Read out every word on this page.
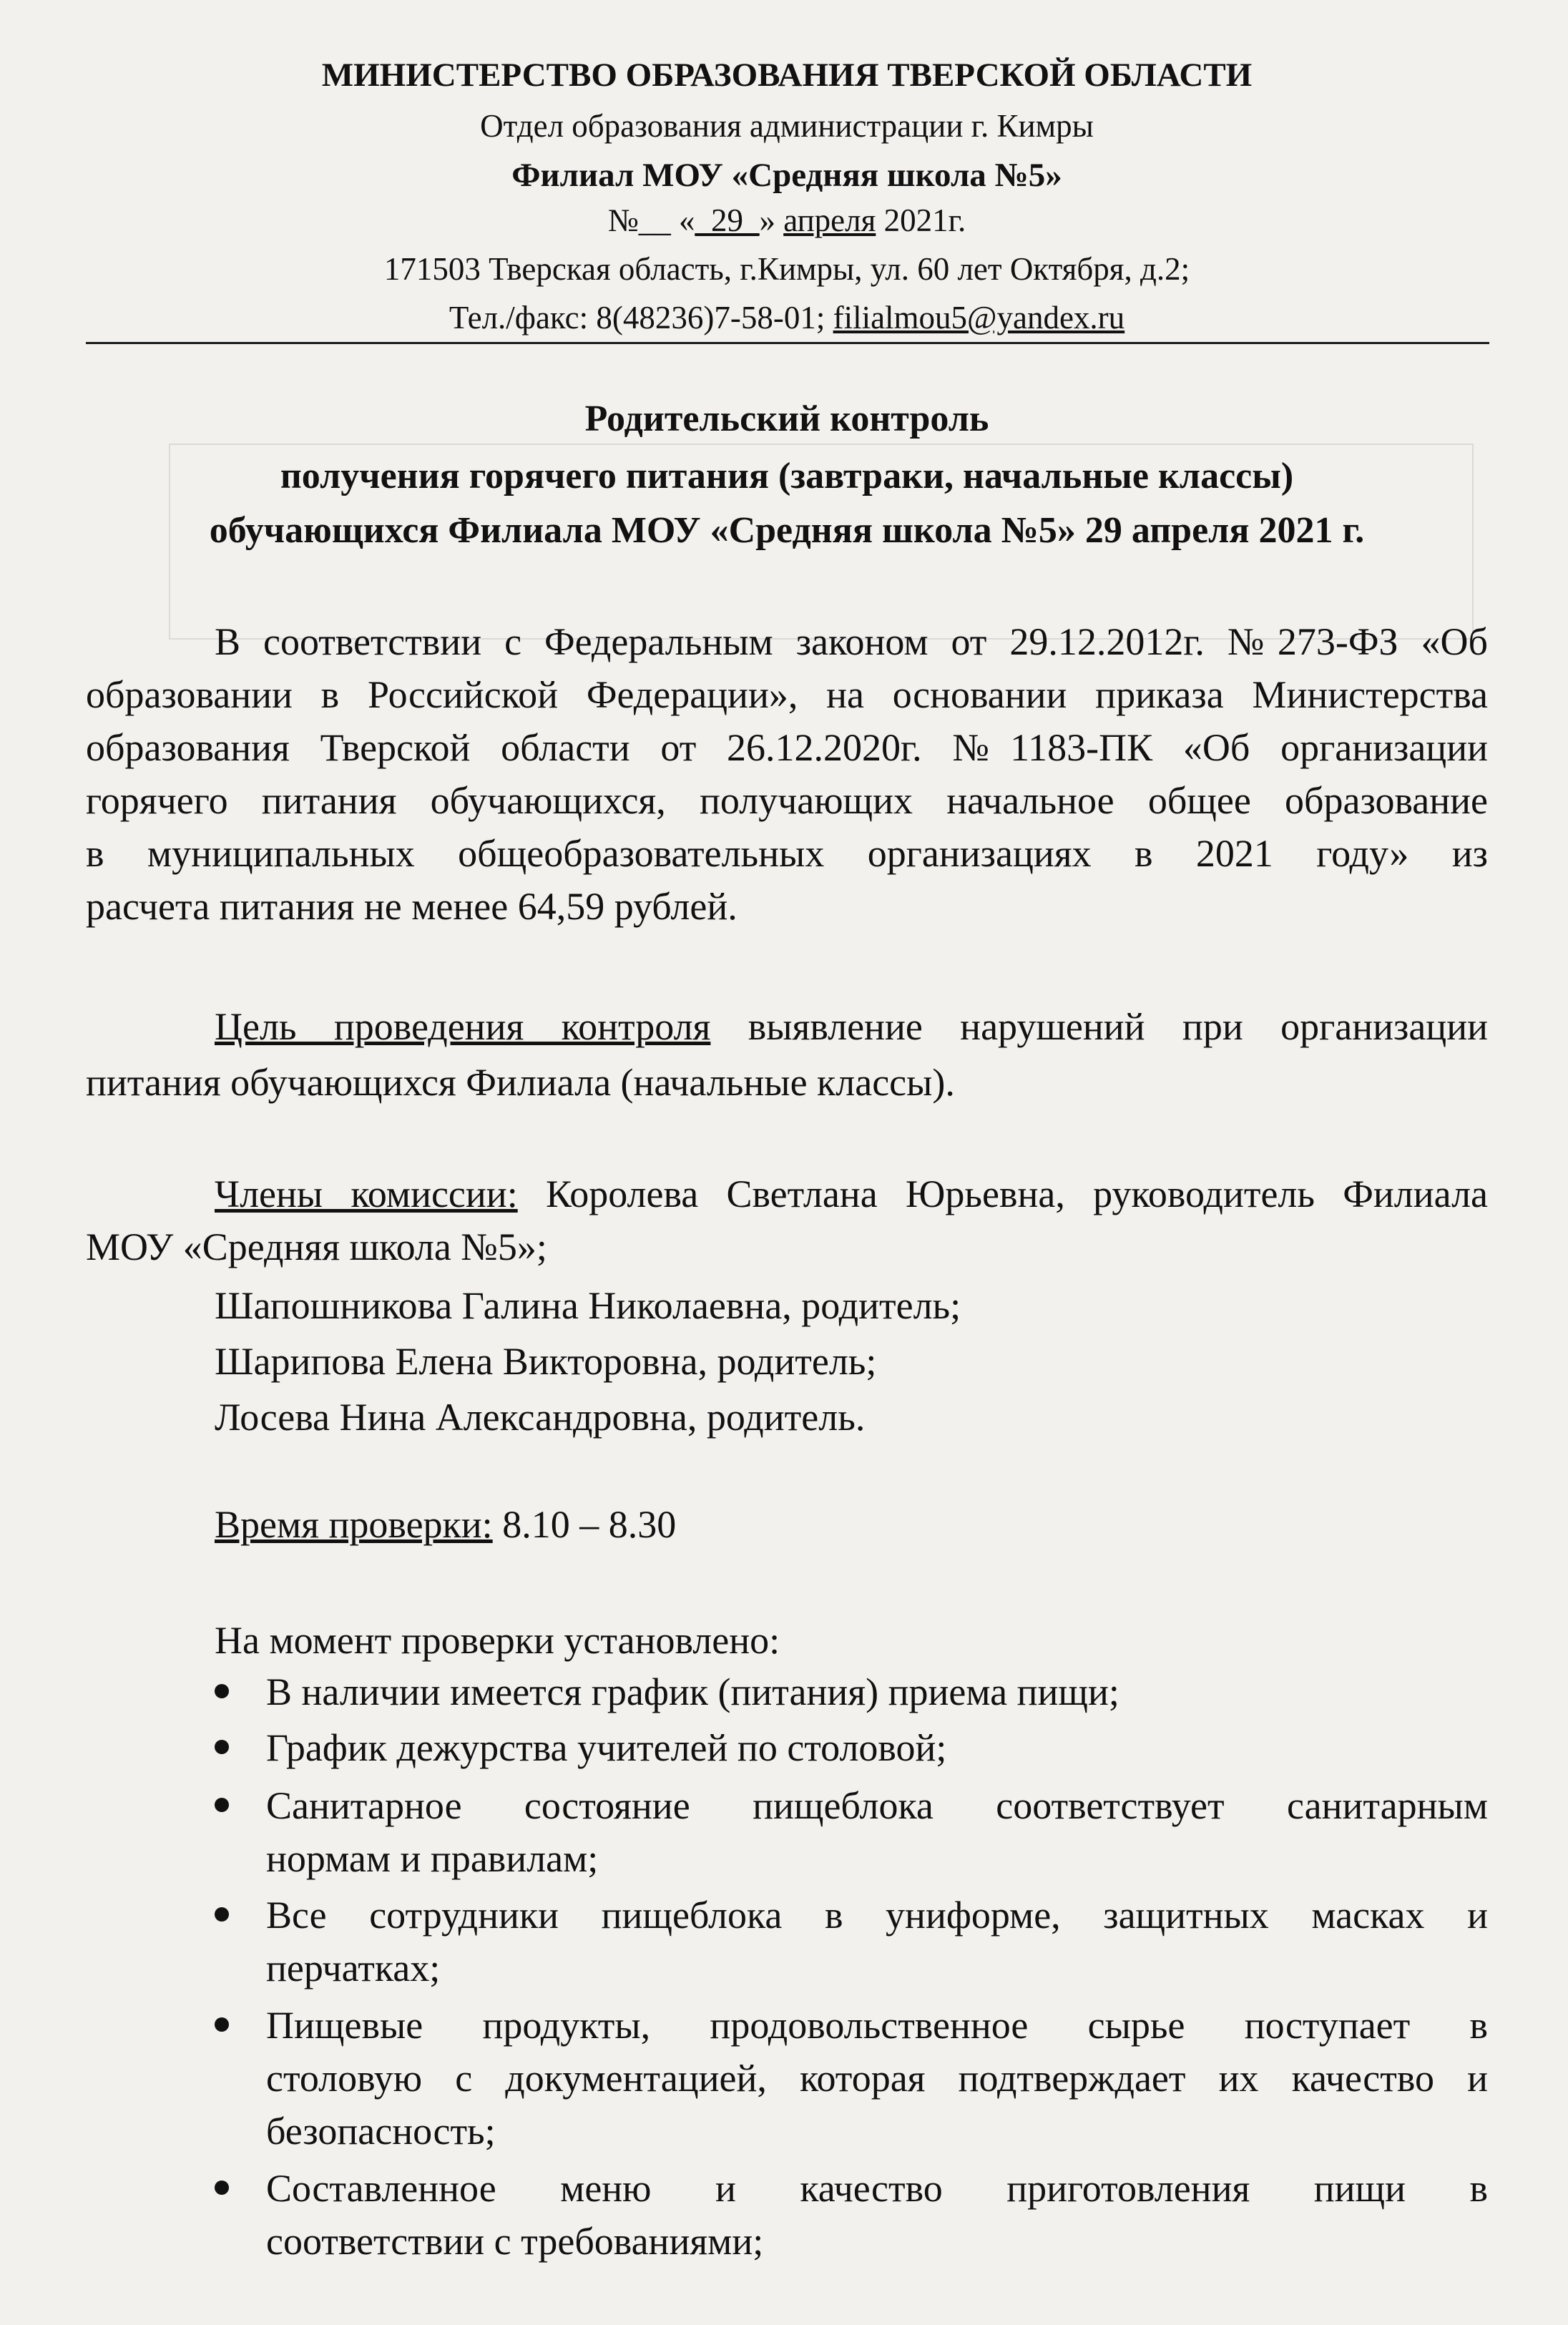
МИНИСТЕРСТВО ОБРАЗОВАНИЯ ТВЕРСКОЙ ОБЛАСТИ
Отдел образования администрации г. Кимры
Филиал МОУ «Средняя школа №5»
№__ «_29_» апреля 2021г.
171503 Тверская область, г.Кимры, ул. 60 лет Октября, д.2;
Тел./факс: 8(48236)7-58-01; filialmou5@yandex.ru
Родительский контроль
получения горячего питания (завтраки, начальные классы)
обучающихся Филиала МОУ «Средняя школа №5» 29 апреля 2021 г.
В соответствии с Федеральным законом от 29.12.2012г. №273-ФЗ «Об
образовании в Российской Федерации», на основании приказа Министерства
образования Тверской области от 26.12.2020г. №1183-ПК «Об организации
горячего питания обучающихся, получающих начальное общее образование
в муниципальных общеобразовательных организациях в 2021 году» из
расчета питания не менее 64,59 рублей.
Цель проведения контроля выявление нарушений при организации
питания обучающихся Филиала (начальные классы).
Члены комиссии: Королева Светлана Юрьевна, руководитель Филиала
МОУ «Средняя школа №5»;
Шапошникова Галина Николаевна, родитель;
Шарипова Елена Викторовна, родитель;
Лосева Нина Александровна, родитель.
Время проверки: 8.10 – 8.30
На момент проверки установлено:
В наличии имеется график (питания) приема пищи;
График дежурства учителей по столовой;
Санитарное состояние пищеблока соответствует санитарным
нормам и правилам;
Все сотрудники пищеблока в униформе, защитных масках и
перчатках;
Пищевые продукты, продовольственное сырье поступает в
столовую с документацией, которая подтверждает их качество и
безопасность;
Составленное меню и качество приготовления пищи в
соответствии с требованиями;
